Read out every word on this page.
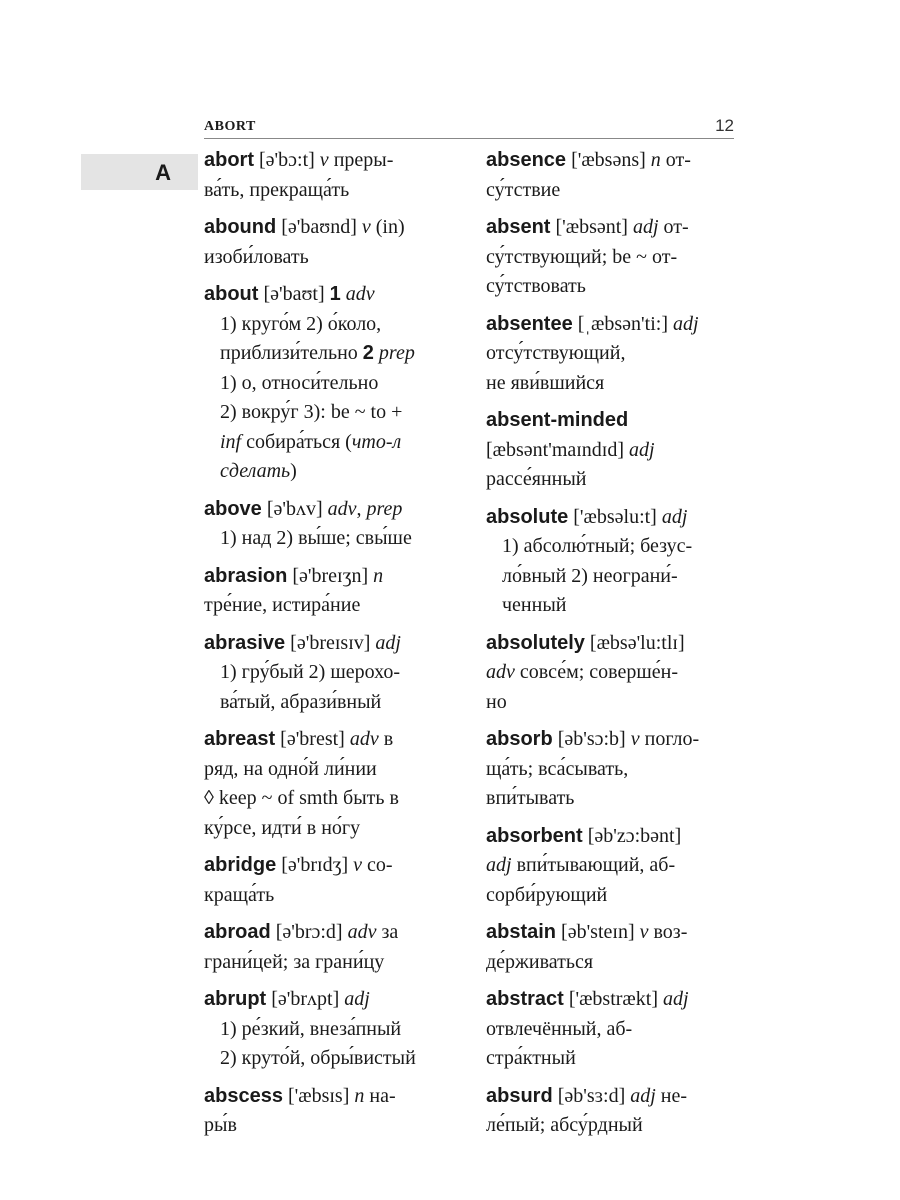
ABORT	12
A abort [ə'bɔ:t] v преры-
ва́ть, прекраща́ть
abound [ə'baʊnd] v (in)
изоби́ловать
about [ə'baʊt] 1 adv
1) круго́м 2) о́коло,
приблизи́тельно 2 prep
1) о, относи́тельно
2) вокру́г 3): be ~ to +
inf собира́ться (что-л
сделать)
above [ə'bʌv] adv, prep
1) над 2) вы́ше; свы́ше
abrasion [ə'breɪʒn] n
тре́ние, истира́ние
abrasive [ə'breɪsɪv] adj
1) гру́бый 2) шерохо-
ва́тый, абрази́вный
abreast [ə'brest] adv в
ряд, на одно́й ли́нии
◊ keep ~ of smth быть в
ку́рсе, идти́ в но́гу
abridge [ə'brɪdʒ] v со-
краща́ть
abroad [ə'brɔ:d] adv за
грани́цей; за грани́цу
abrupt [ə'brʌpt] adj
1) ре́зкий, внеза́пный
2) круто́й, обры́вистый
abscess ['æbsɪs] n на-
ры́в
absence ['æbsəns] n от-
су́тствие
absent ['æbsənt] adj от-
су́тствующий; be ~ от-
су́тствовать
absentee [ˌæbsən'ti:] adj
отсу́тствующий,
не яви́вшийся
absent-minded
[æbsənt'maɪndɪd] adj
рассе́янный
absolute ['æbsəlu:t] adj
1) абсолю́тный; безус-
ло́вный 2) неограни́-
ченный
absolutely [æbsə'lu:tlɪ]
adv совсе́м; соверше́н-
но
absorb [əb'sɔ:b] v погло-
ща́ть; вса́сывать,
впи́тывать
absorbent [əb'zɔ:bənt]
adj впи́тывающий, аб-
сорби́рующий
abstain [əb'steɪn] v воз-
де́рживаться
abstract ['æbstrækt] adj
отвлечённый, аб-
стра́ктный
absurd [əb'sɜ:d] adj не-
ле́пый; абсу́рдный
